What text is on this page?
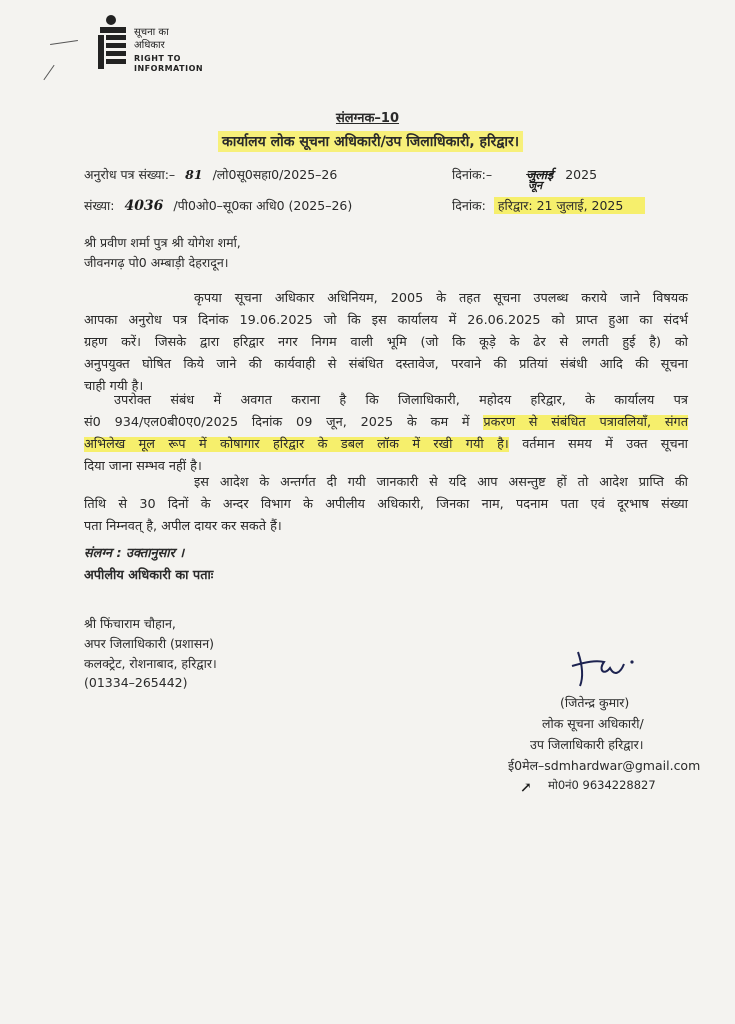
सूचना का
अधिकार
RIGHT TO
INFORMATION
संलग्नक–10
कार्यालय लोक सूचना अधिकारी/उप जिलाधिकारी, हरिद्वार।
अनुरोध पत्र संख्या:– 81 /लो0सू0सहा0/2025–26	दिनांक:–	जुलाई 2025
जून
संख्या: 4036 /पी0ओ0–सू0का अधि0 (2025–26)	दिनांक: हरिद्वार: 21 जुलाई, 2025
श्री प्रवीण शर्मा पुत्र श्री योगेश शर्मा,
जीवनगढ़ पो0 अम्बाड़ी देहरादून।
कृपया सूचना अधिकार अधिनियम, 2005 के तहत सूचना उपलब्ध कराये जाने विषयक
आपका अनुरोध पत्र दिनांक 19.06.2025 जो कि इस कार्यालय में 26.06.2025 को प्राप्त हुआ का संदर्भ
ग्रहण करें। जिसके द्वारा हरिद्वार नगर निगम वाली भूमि (जो कि कूड़े के ढेर से लगती हुई है) को
अनुपयुक्त घोषित किये जाने की कार्यवाही से संबंधित दस्तावेज, परवाने की प्रतियां संबंधी आदि की सूचना
चाही गयी है।
उपरोक्त संबंध में अवगत कराना है कि जिलाधिकारी, महोदय हरिद्वार, के कार्यालय पत्र
सं0 934/एल0बी0ए0/2025 दिनांक 09 जून, 2025 के कम में प्रकरण से संबंधित पत्रावलियाँ, संगत
अभिलेख मूल रूप में कोषागार हरिद्वार के डबल लॉक में रखी गयी है। वर्तमान समय में उक्त सूचना
दिया जाना सम्भव नहीं है।
इस आदेश के अन्तर्गत दी गयी जानकारी से यदि आप असन्तुष्ट हों तो आदेश प्राप्ति की
तिथि से 30 दिनों के अन्दर विभाग के अपीलीय अधिकारी, जिनका नाम, पदनाम पता एवं दूरभाष संख्या
पता निम्नवत् है, अपील दायर कर सकते हैं।
संलग्न : उक्तानुसार ।
अपीलीय अधिकारी का पताः
श्री फिंचाराम चौहान,
अपर जिलाधिकारी (प्रशासन)
कलक्ट्रेट, रोशनाबाद, हरिद्वार।
(01334–265442)
(जितेन्द्र कुमार)
लोक सूचना अधिकारी/
उप जिलाधिकारी हरिद्वार।
ई0मेल–sdmhardwar@gmail.com
मो0नं0 9634228827
↗
